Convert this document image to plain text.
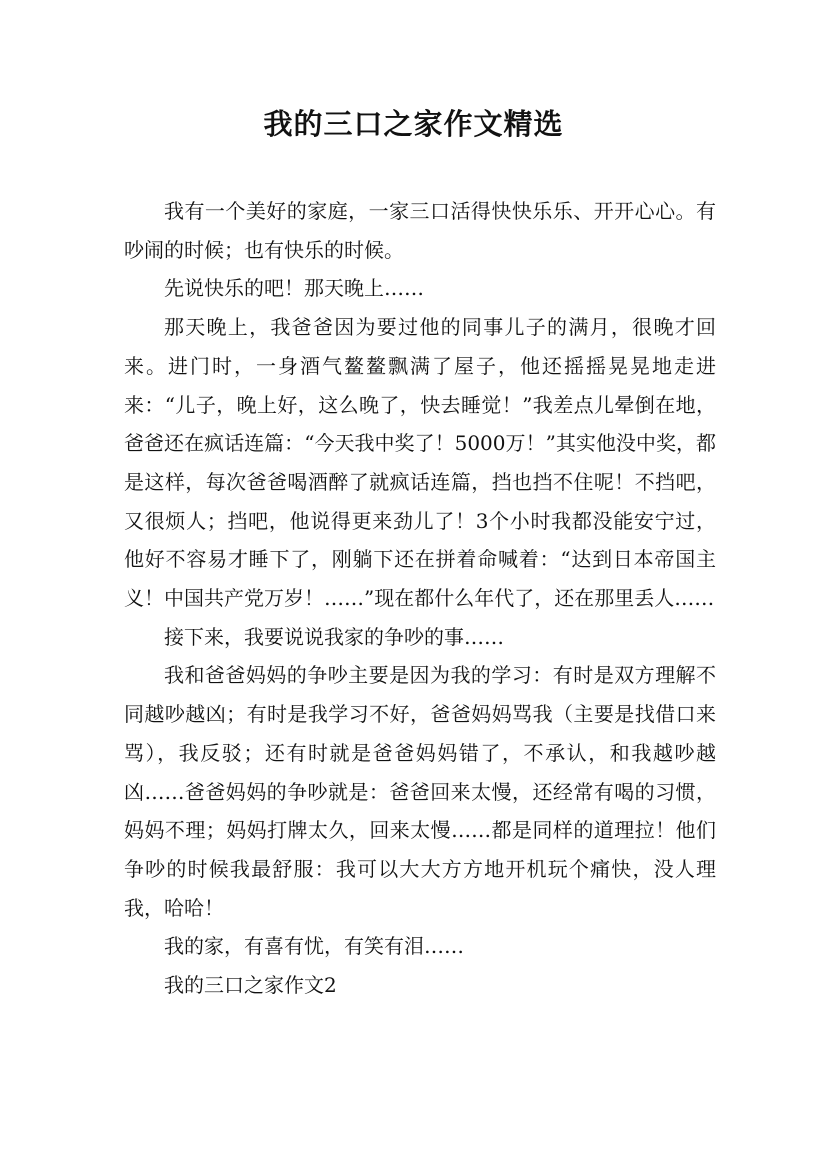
我的三口之家作文精选

我有一个美好的家庭，一家三口活得快快乐乐、开开心心。有吵闹的时候；也有快乐的时候。

先说快乐的吧！那天晚上……

那天晚上，我爸爸因为要过他的同事儿子的满月，很晚才回来。进门时，一身酒气鳌鳌飘满了屋子，他还摇摇晃晃地走进来：“儿子，晚上好，这么晚了，快去睡觉！”我差点儿晕倒在地，爸爸还在疯话连篇：“今天我中奖了！5000万！”其实他没中奖，都是这样，每次爸爸喝酒醉了就疯话连篇，挡也挡不住呢！不挡吧，又很烦人；挡吧，他说得更来劲儿了！3个小时我都没能安宁过，他好不容易才睡下了，刚躺下还在拼着命喊着：“达到日本帝国主义！中国共产党万岁！……”现在都什么年代了，还在那里丢人……

接下来，我要说说我家的争吵的事……

我和爸爸妈妈的争吵主要是因为我的学习：有时是双方理解不同越吵越凶；有时是我学习不好，爸爸妈妈骂我（主要是找借口来骂），我反驳；还有时就是爸爸妈妈错了，不承认，和我越吵越凶……爸爸妈妈的争吵就是：爸爸回来太慢，还经常有喝的习惯，妈妈不理；妈妈打牌太久，回来太慢……都是同样的道理拉！他们争吵的时候我最舒服：我可以大大方方地开机玩个痛快，没人理我，哈哈！

我的家，有喜有忧，有笑有泪……

我的三口之家作文2
